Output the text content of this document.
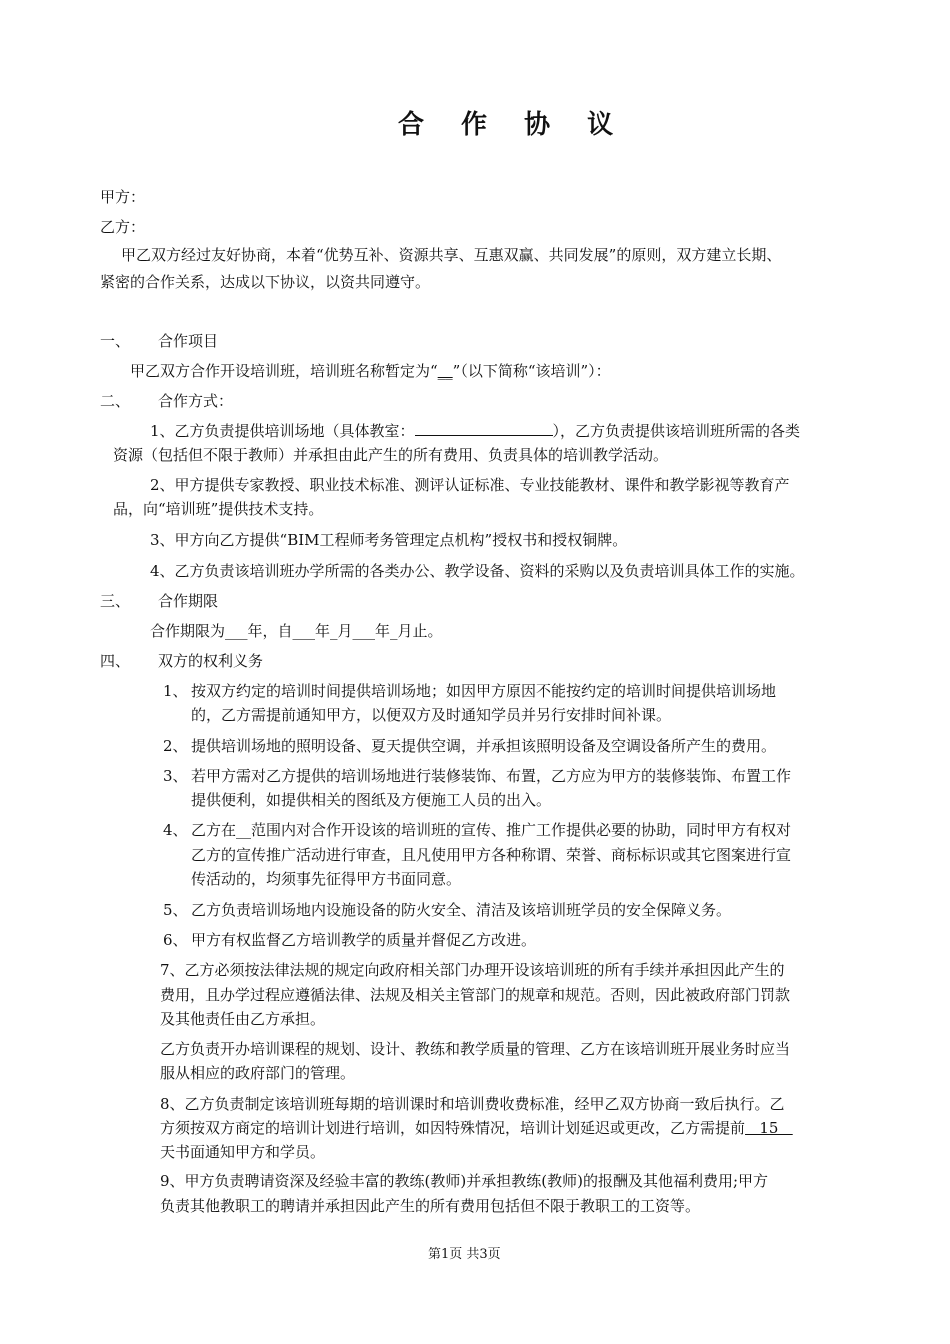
合 作 协 议
甲方：
乙方：
甲乙双方经过友好协商，本着“优势互补、资源共享、互惠双赢、共同发展”的原则，双方建立长期、
紧密的合作关系，达成以下协议，以资共同遵守。
一、 合作项目
甲乙双方合作开设培训班，培训班名称暂定为“__”（以下简称“该培训”）：
二、 合作方式：
1、乙方负责提供培训场地（具体教室：	），乙方负责提供该培训班所需的各类
资源（包括但不限于教师）并承担由此产生的所有费用、负责具体的培训教学活动。
2、甲方提供专家教授、职业技术标准、测评认证标准、专业技能教材、课件和教学影视等教育产
品，向“培训班”提供技术支持。
3、甲方向乙方提供“BIM工程师考务管理定点机构”授权书和授权铜牌。
4、乙方负责该培训班办学所需的各类办公、教学设备、资料的采购以及负责培训具体工作的实施。
三、 合作期限
合作期限为___年，自___年_月___年_月止。
四、 双方的权利义务
1、 按双方约定的培训时间提供培训场地；如因甲方原因不能按约定的培训时间提供培训场地
的，乙方需提前通知甲方，以便双方及时通知学员并另行安排时间补课。
2、 提供培训场地的照明设备、夏天提供空调，并承担该照明设备及空调设备所产生的费用。
3、 若甲方需对乙方提供的培训场地进行装修装饰、布置，乙方应为甲方的装修装饰、布置工作
提供便利，如提供相关的图纸及方便施工人员的出入。
4、 乙方在__范围内对合作开设该的培训班的宣传、推广工作提供必要的协助，同时甲方有权对
乙方的宣传推广活动进行审查，且凡使用甲方各种称谓、荣誉、商标标识或其它图案进行宣
传活动的，均须事先征得甲方书面同意。
5、 乙方负责培训场地内设施设备的防火安全、清洁及该培训班学员的安全保障义务。
6、 甲方有权监督乙方培训教学的质量并督促乙方改进。
7、乙方必须按法律法规的规定向政府相关部门办理开设该培训班的所有手续并承担因此产生的
费用，且办学过程应遵循法律、法规及相关主管部门的规章和规范。否则，因此被政府部门罚款
及其他责任由乙方承担。
乙方负责开办培训课程的规划、设计、教练和教学质量的管理、乙方在该培训班开展业务时应当
服从相应的政府部门的管理。
8、乙方负责制定该培训班每期的培训课时和培训费收费标准，经甲乙双方协商一致后执行。乙
方须按双方商定的培训计划进行培训，如因特殊情况，培训计划延迟或更改，乙方需提前   15
天书面通知甲方和学员。
9、甲方负责聘请资深及经验丰富的教练(教师)并承担教练(教师)的报酬及其他福利费用;甲方
负责其他教职工的聘请并承担因此产生的所有费用包括但不限于教职工的工资等。
第1页 共3页
